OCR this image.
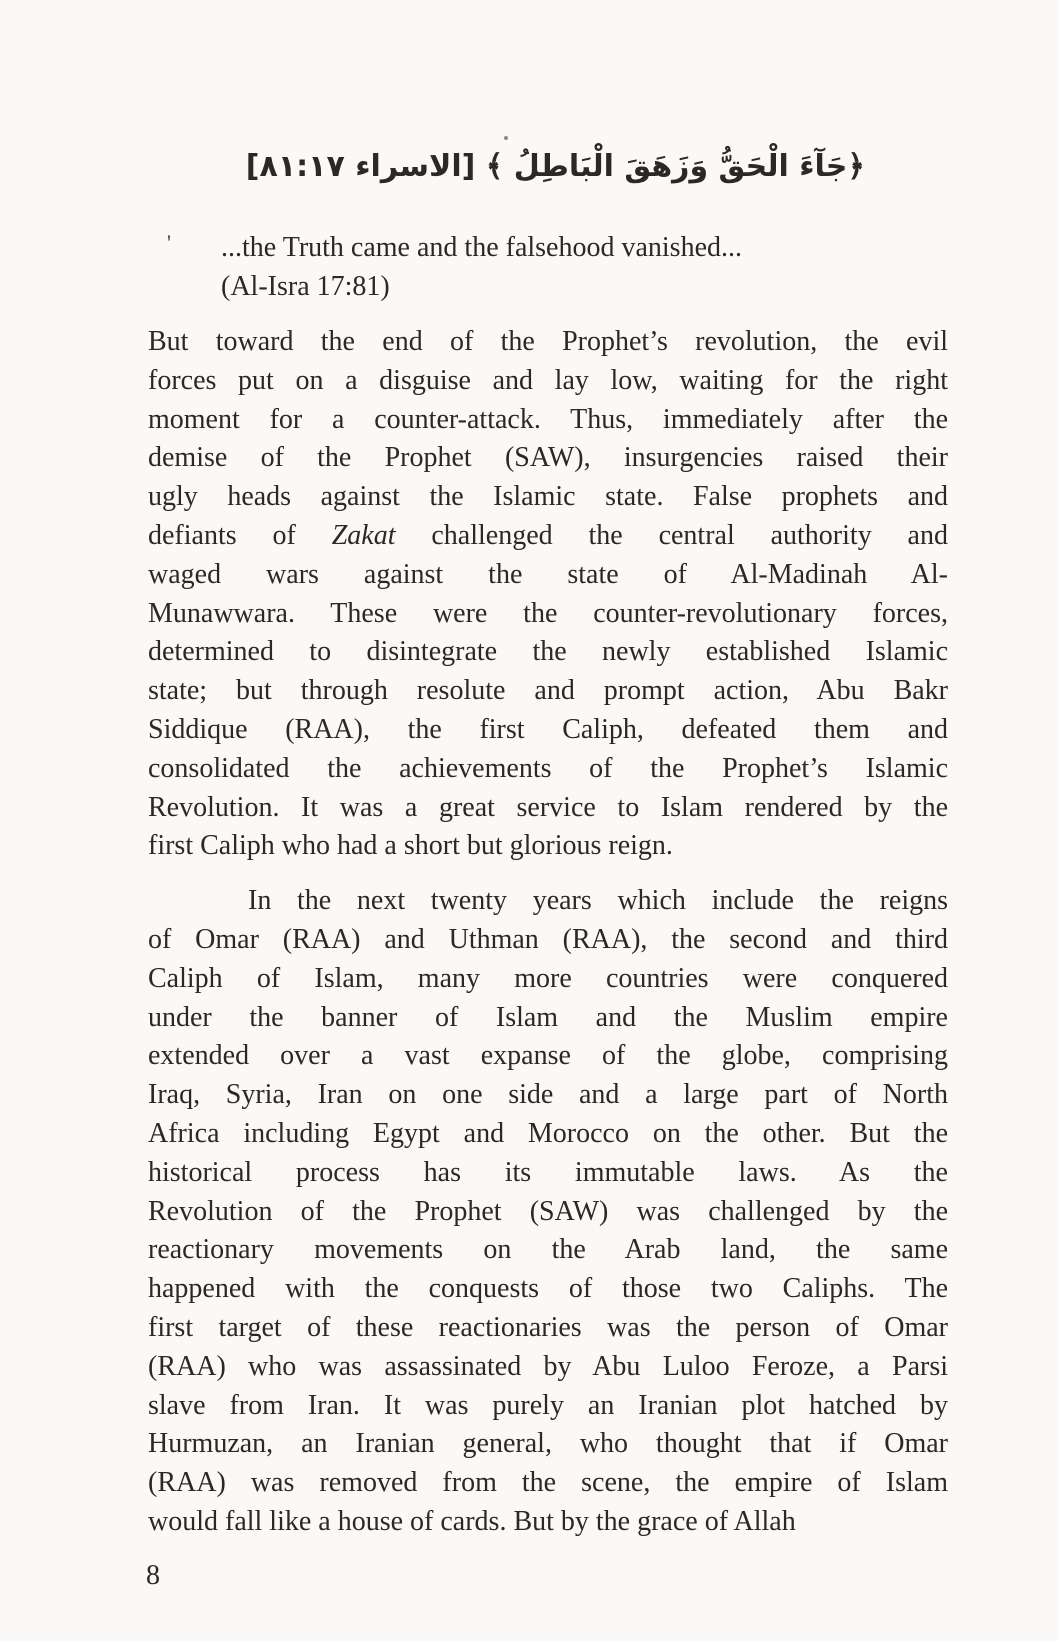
﴿جَآءَ الْحَقُّ وَزَهَقَ الْبَاطِلُ ﴾ [الاسراء ٨١:١٧]
' ...the Truth came and the falsehood vanished...
(Al-Isra 17:81)
But toward the end of the Prophet’s revolution, the evil
forces put on a disguise and lay low, waiting for the right
moment for a counter-attack. Thus, immediately after the
demise of the Prophet (SAW), insurgencies raised their
ugly heads against the Islamic state. False prophets and
defiants of Zakat challenged the central authority and
waged wars against the state of Al-Madinah Al-
Munawwara. These were the counter-revolutionary forces,
determined to disintegrate the newly established Islamic
state; but through resolute and prompt action, Abu Bakr
Siddique (RAA), the first Caliph, defeated them and
consolidated the achievements of the Prophet’s Islamic
Revolution. It was a great service to Islam rendered by the
first Caliph who had a short but glorious reign.
In the next twenty years which include the reigns
of Omar (RAA) and Uthman (RAA), the second and third
Caliph of Islam, many more countries were conquered
under the banner of Islam and the Muslim empire
extended over a vast expanse of the globe, comprising
Iraq, Syria, Iran on one side and a large part of North
Africa including Egypt and Morocco on the other. But the
historical process has its immutable laws. As the
Revolution of the Prophet (SAW) was challenged by the
reactionary movements on the Arab land, the same
happened with the conquests of those two Caliphs. The
first target of these reactionaries was the person of Omar
(RAA) who was assassinated by Abu Luloo Feroze, a Parsi
slave from Iran. It was purely an Iranian plot hatched by
Hurmuzan, an Iranian general, who thought that if Omar
(RAA) was removed from the scene, the empire of Islam
would fall like a house of cards. But by the grace of Allah
8
